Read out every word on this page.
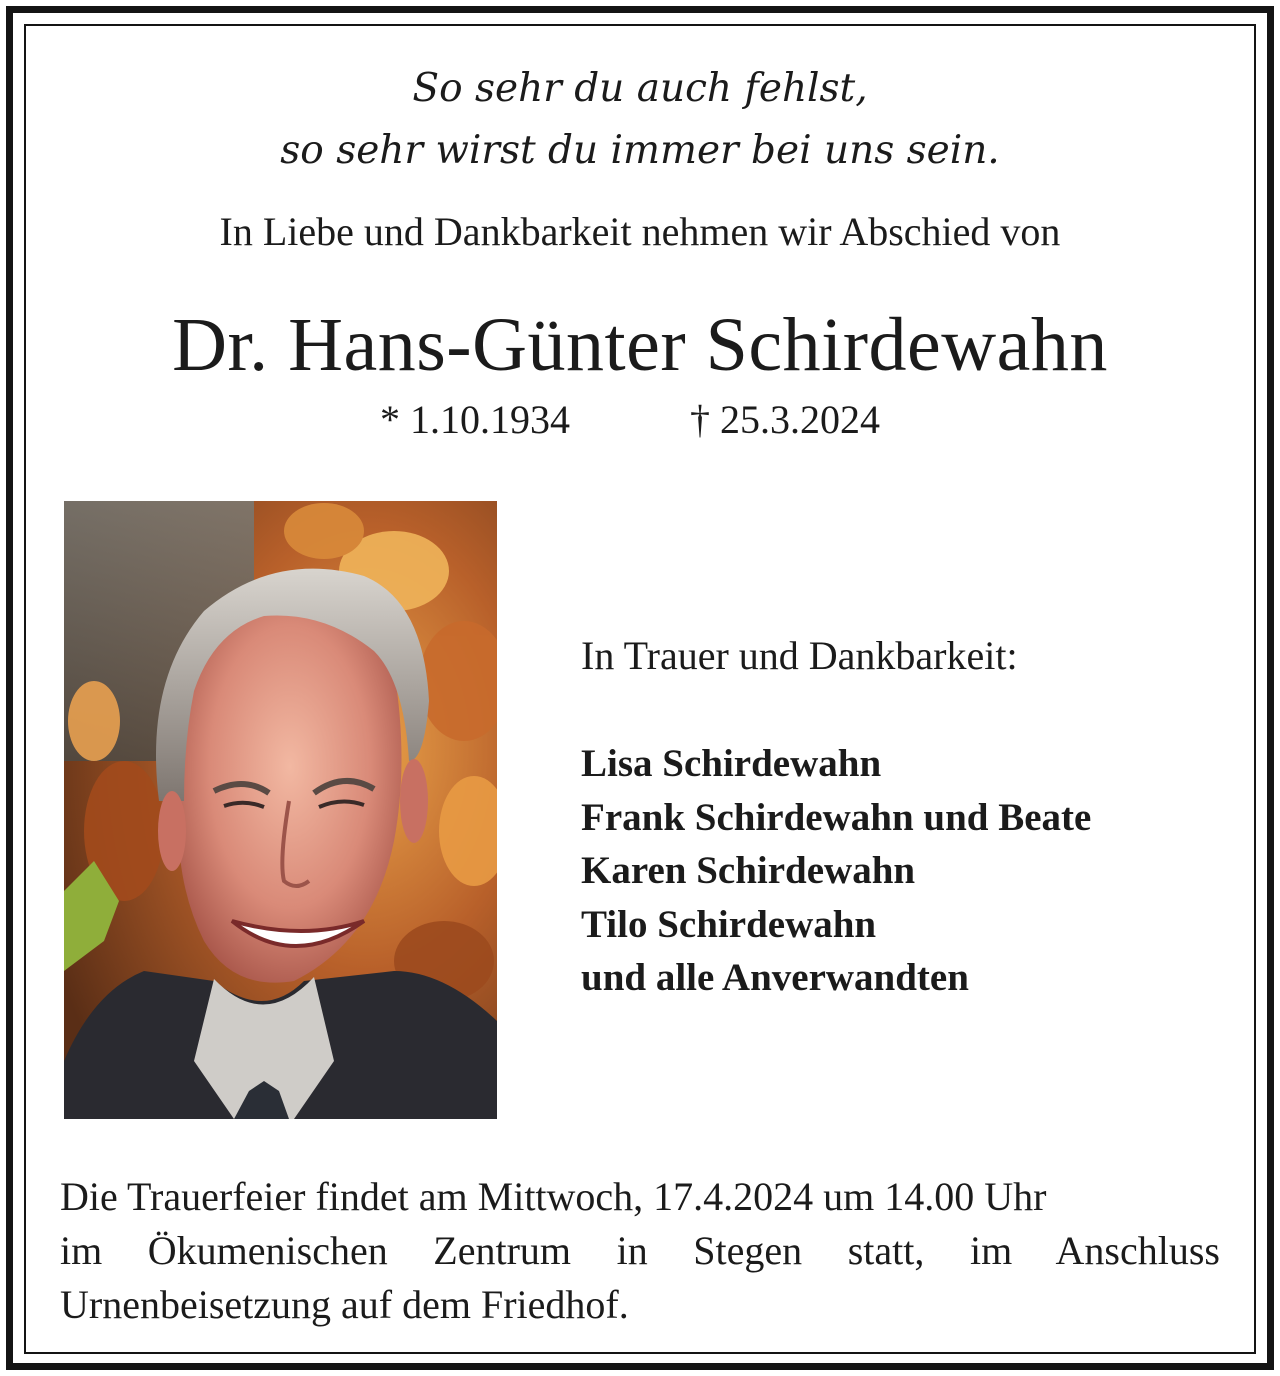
So sehr du auch fehlst,
so sehr wirst du immer bei uns sein.
In Liebe und Dankbarkeit nehmen wir Abschied von
Dr. Hans-Günter Schirdewahn
* 1.10.1934	† 25.3.2024
In Trauer und Dankbarkeit:
Lisa Schirdewahn
Frank Schirdewahn und Beate
Karen Schirdewahn
Tilo Schirdewahn
und alle Anverwandten
Die Trauerfeier findet am Mittwoch, 17.4.2024 um 14.00 Uhr
im Ökumenischen Zentrum in Stegen statt, im Anschluss
Urnenbeisetzung auf dem Friedhof.
